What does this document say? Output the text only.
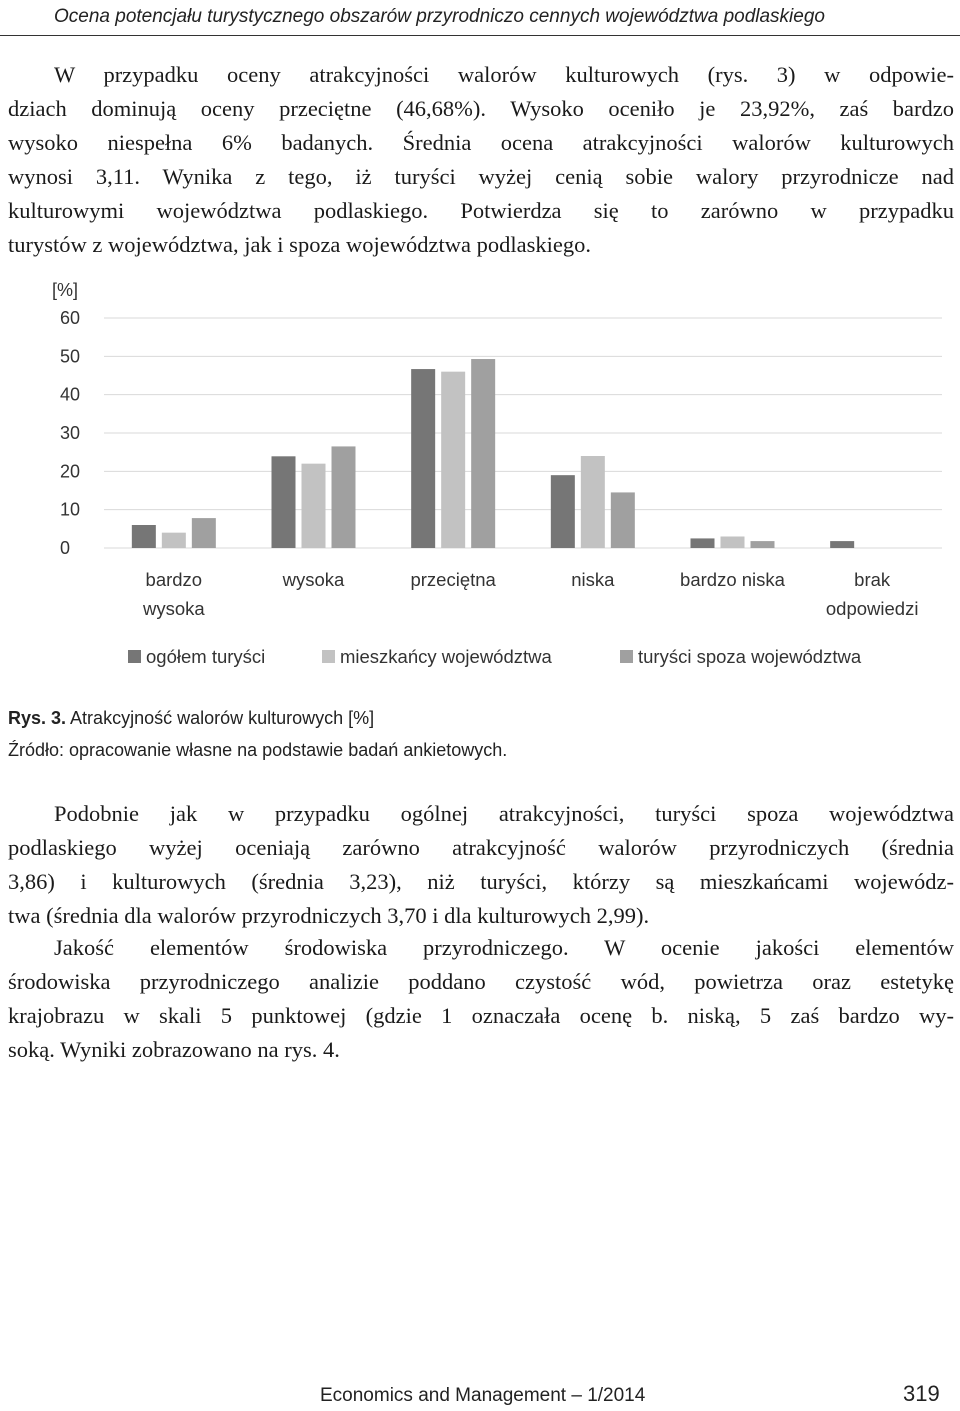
Ocena potencjału turystycznego obszarów przyrodniczo cennych województwa podlaskiego

W przypadku oceny atrakcyjności walorów kulturowych (rys. 3) w odpowie-
dziach dominują oceny przeciętne (46,68%). Wysoko oceniło je 23,92%, zaś bardzo
wysoko niespełna 6% badanych. Średnia ocena atrakcyjności walorów kulturowych
wynosi 3,11. Wynika z tego, iż turyści wyżej cenią sobie walory przyrodnicze nad
kulturowymi województwa podlaskiego. Potwierdza się to zarówno w przypadku
turystów z województwa, jak i spoza województwa podlaskiego.

[%]
0
10
20
30
40
50
60
bardzo
wysoka
wysoka	przeciętna	niska	bardzo niska	brak
odpowiedzi
ogółem turyści	mieszkańcy województwa	turyści spoza województwa

Rys. 3. Atrakcyjność walorów kulturowych [%]

Źródło: opracowanie własne na podstawie badań ankietowych.

Podobnie jak w przypadku ogólnej atrakcyjności, turyści spoza województwa
podlaskiego wyżej oceniają zarówno atrakcyjność walorów przyrodniczych (średnia
3,86) i kulturowych (średnia 3,23), niż turyści, którzy są mieszkańcami wojewódz-
twa (średnia dla walorów przyrodniczych 3,70 i dla kulturowych 2,99).

Jakość elementów środowiska przyrodniczego. W ocenie jakości elementów
środowiska przyrodniczego analizie poddano czystość wód, powietrza oraz estetykę
krajobrazu w skali 5 punktowej (gdzie 1 oznaczała ocenę b. niską, 5 zaś bardzo wy-
soką. Wyniki zobrazowano na rys. 4.

Economics and Management – 1/2014	319
